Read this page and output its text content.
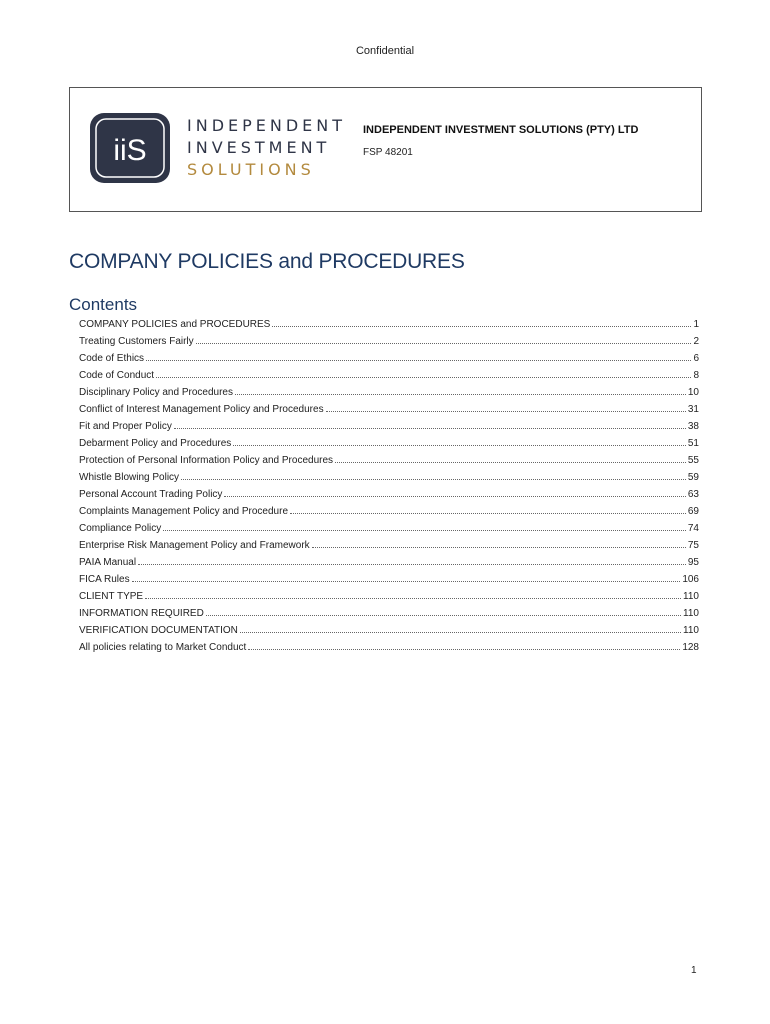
Confidential
iiS
INDEPENDENT
INVESTMENT
SOLUTIONS
INDEPENDENT INVESTMENT SOLUTIONS (PTY) LTD
FSP 48201
COMPANY POLICIES and PROCEDURES
Contents
COMPANY POLICIES and PROCEDURES	1
Treating Customers Fairly	2
Code of Ethics	6
Code of Conduct	8
Disciplinary Policy and Procedures	10
Conflict of Interest Management Policy and Procedures	31
Fit and Proper Policy	38
Debarment Policy and Procedures	51
Protection of Personal Information Policy and Procedures	55
Whistle Blowing Policy	59
Personal Account Trading Policy	63
Complaints Management Policy and Procedure	69
Compliance Policy	74
Enterprise Risk Management Policy and Framework	75
PAIA Manual	95
FICA Rules	106
CLIENT TYPE	110
INFORMATION REQUIRED	110
VERIFICATION DOCUMENTATION	110
All policies relating to Market Conduct	128
1
